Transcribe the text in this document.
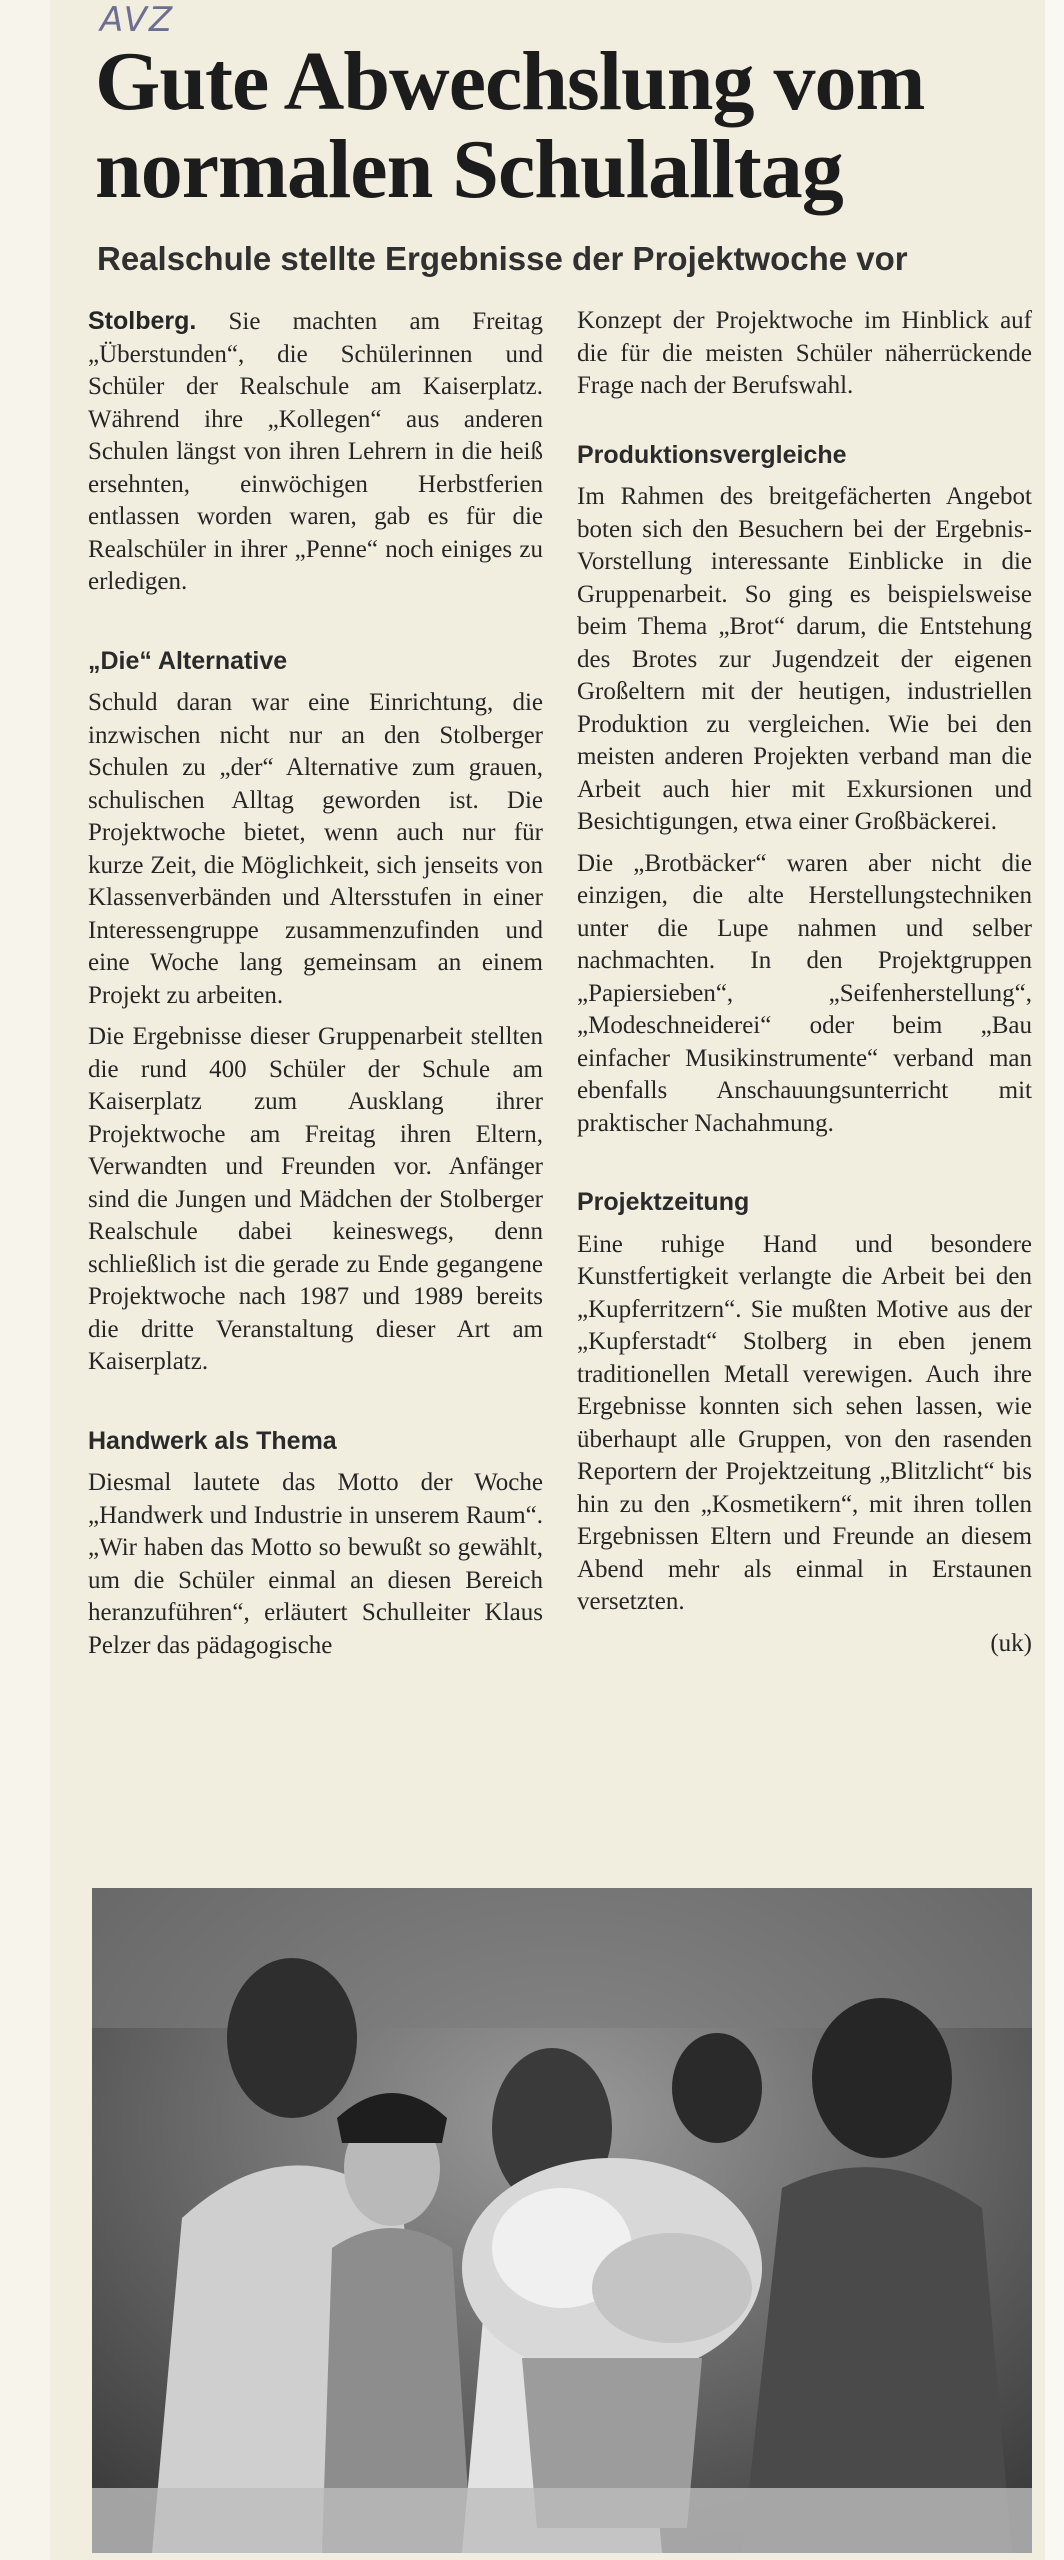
AVZ
Gute Abwechslung vom normalen Schulalltag
Realschule stellte Ergebnisse der Projektwoche vor

Stolberg. Sie machten am Freitag „Überstunden“, die Schülerinnen und Schüler der Realschule am Kaiserplatz. Während ihre „Kollegen“ aus anderen Schulen längst von ihren Lehrern in die heiß ersehnten, einwöchigen Herbstferien entlassen worden waren, gab es für die Realschüler in ihrer „Penne“ noch einiges zu erledigen.

„Die“ Alternative

Schuld daran war eine Einrichtung, die inzwischen nicht nur an den Stolberger Schulen zu „der“ Alternative zum grauen, schulischen Alltag geworden ist. Die Projektwoche bietet, wenn auch nur für kurze Zeit, die Möglichkeit, sich jenseits von Klassenverbänden und Altersstufen in einer Interessengruppe zusammenzufinden und eine Woche lang gemeinsam an einem Projekt zu arbeiten.

Die Ergebnisse dieser Gruppenarbeit stellten die rund 400 Schüler der Schule am Kaiserplatz zum Ausklang ihrer Projektwoche am Freitag ihren Eltern, Verwandten und Freunden vor. Anfänger sind die Jungen und Mädchen der Stolberger Realschule dabei keineswegs, denn schließlich ist die gerade zu Ende gegangene Projektwoche nach 1987 und 1989 bereits die dritte Veranstaltung dieser Art am Kaiserplatz.

Handwerk als Thema

Diesmal lautete das Motto der Woche „Handwerk und Industrie in unserem Raum“. „Wir haben das Motto so bewußt so gewählt, um die Schüler einmal an diesen Bereich heranzuführen“, erläutert Schulleiter Klaus Pelzer das pädagogische

Konzept der Projektwoche im Hinblick auf die für die meisten Schüler näherrückende Frage nach der Berufswahl.

Produktionsvergleiche

Im Rahmen des breitgefächerten Angebot boten sich den Besuchern bei der Ergebnis-Vorstellung interessante Einblicke in die Gruppenarbeit. So ging es beispielsweise beim Thema „Brot“ darum, die Entstehung des Brotes zur Jugendzeit der eigenen Großeltern mit der heutigen, industriellen Produktion zu vergleichen. Wie bei den meisten anderen Projekten verband man die Arbeit auch hier mit Exkursionen und Besichtigungen, etwa einer Großbäckerei.

Die „Brotbäcker“ waren aber nicht die einzigen, die alte Herstellungstechniken unter die Lupe nahmen und selber nachmachten. In den Projektgruppen „Papiersieben“, „Seifenherstellung“, „Modeschneiderei“ oder beim „Bau einfacher Musikinstrumente“ verband man ebenfalls Anschauungsunterricht mit praktischer Nachahmung.

Projektzeitung

Eine ruhige Hand und besondere Kunstfertigkeit verlangte die Arbeit bei den „Kupferritzern“. Sie mußten Motive aus der „Kupferstadt“ Stolberg in eben jenem traditionellen Metall verewigen. Auch ihre Ergebnisse konnten sich sehen lassen, wie überhaupt alle Gruppen, von den rasenden Reportern der Projektzeitung „Blitzlicht“ bis hin zu den „Kosmetikern“, mit ihren tollen Ergebnissen Eltern und Freunde an diesem Abend mehr als einmal in Erstaunen versetzten.

(uk)
